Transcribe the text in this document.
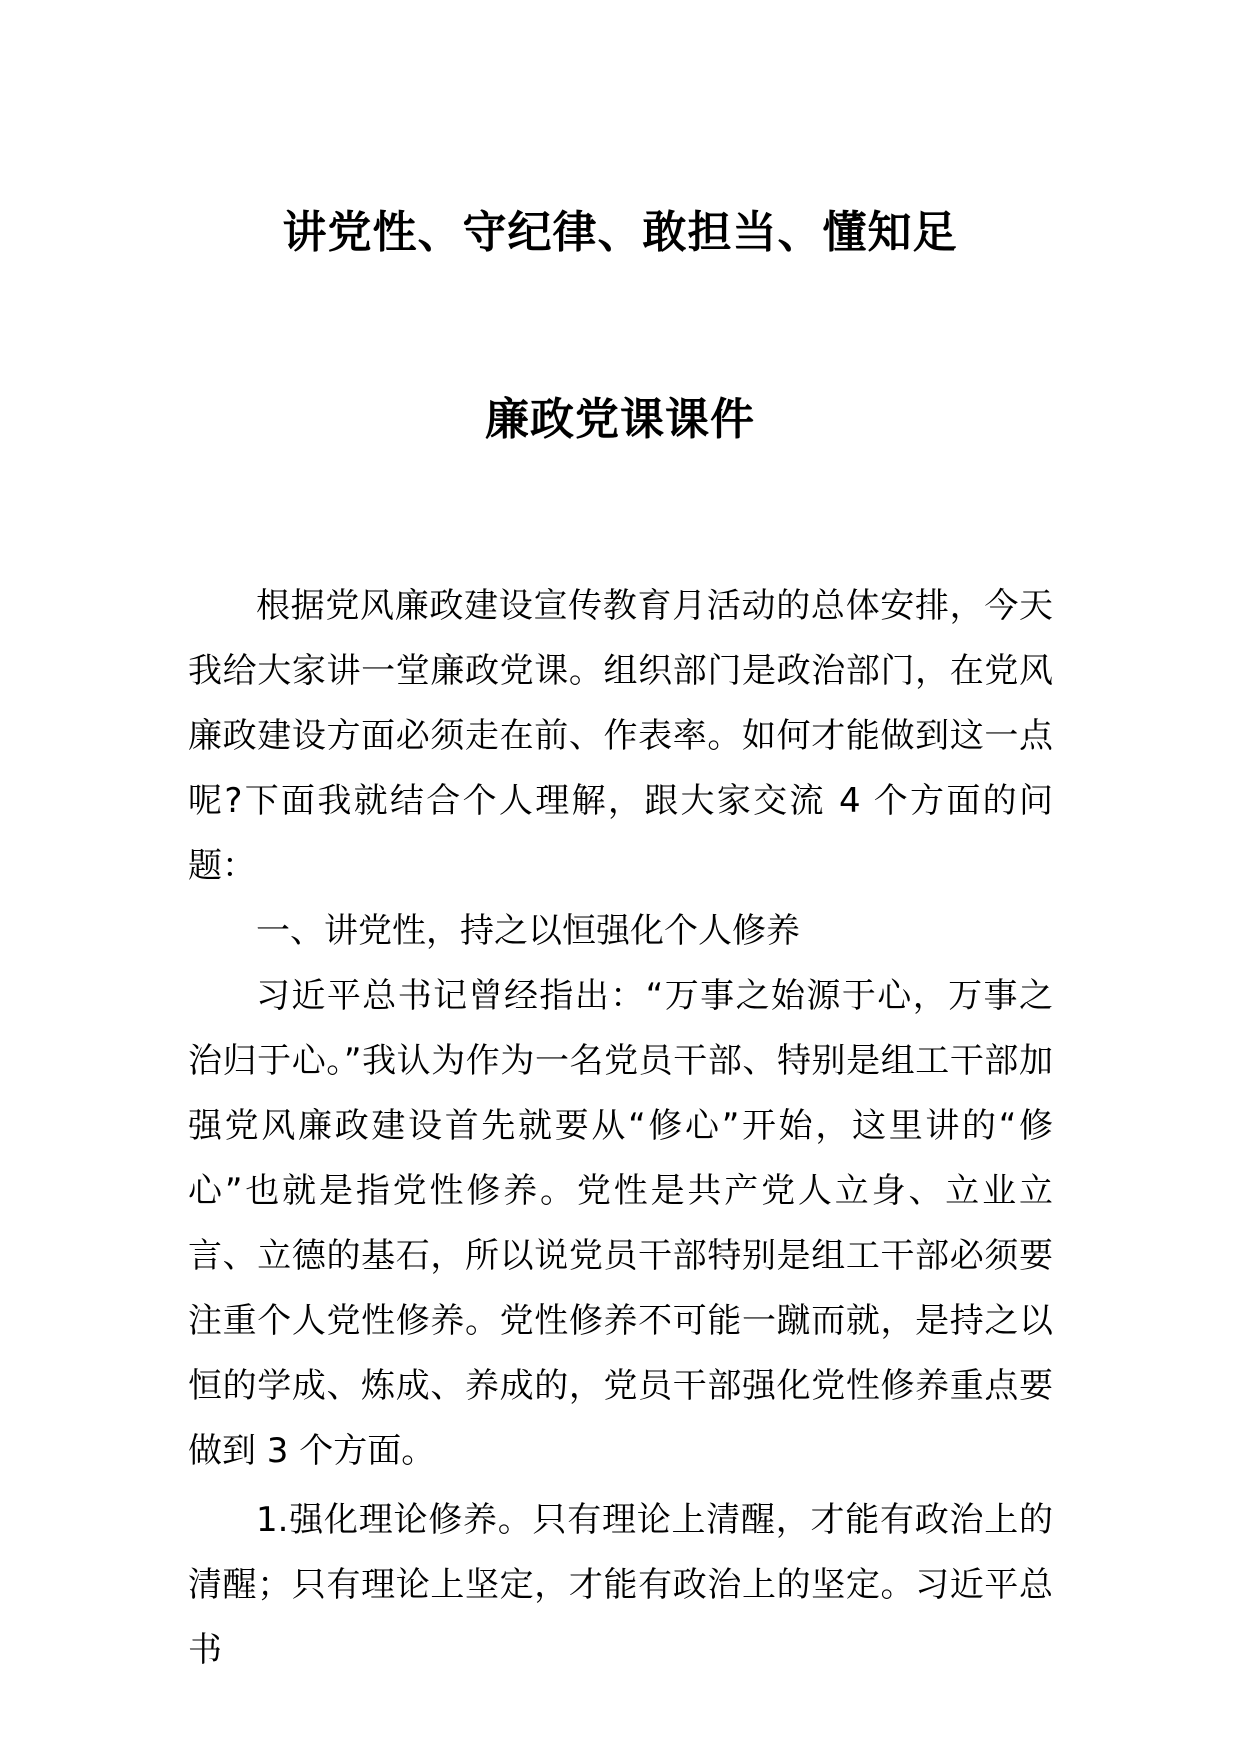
讲党性、守纪律、敢担当、懂知足
廉政党课课件

根据党风廉政建设宣传教育月活动的总体安排，今天我给大家讲一堂廉政党课。组织部门是政治部门，在党风廉政建设方面必须走在前、作表率。如何才能做到这一点呢?下面我就结合个人理解，跟大家交流 4 个方面的问题：

一、讲党性，持之以恒强化个人修养

习近平总书记曾经指出：“万事之始源于心，万事之治归于心。”我认为作为一名党员干部、特别是组工干部加强党风廉政建设首先就要从“修心”开始，这里讲的“修心”也就是指党性修养。党性是共产党人立身、立业立言、立德的基石，所以说党员干部特别是组工干部必须要注重个人党性修养。党性修养不可能一蹴而就，是持之以恒的学成、炼成、养成的，党员干部强化党性修养重点要做到 3 个方面。

1.强化理论修养。只有理论上清醒，才能有政治上的清醒；只有理论上坚定，才能有政治上的坚定。习近平总书
